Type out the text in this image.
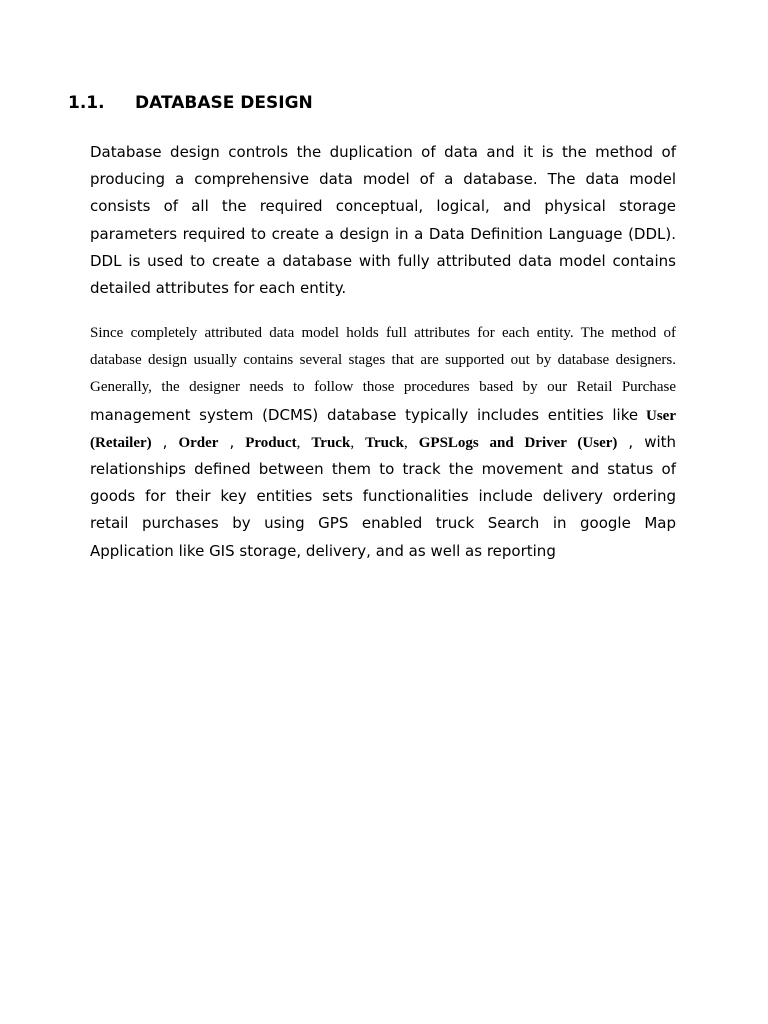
1.1. DATABASE DESIGN
Database design controls the duplication of data and it is the method of
producing a comprehensive data model of a database. The data model
consists of all the required conceptual, logical, and physical storage
parameters required to create a design in a Data Definition Language (DDL).
DDL is used to create a database with fully attributed data model contains
detailed attributes for each entity.
Since completely attributed data model holds full attributes for each entity. The method of
database design usually contains several stages that are supported out by database designers.
Generally, the designer needs to follow those procedures based by our Retail Purchase
management system (DCMS) database typically includes entities like User
(Retailer) , Order , Product, Truck, Truck, GPSLogs and Driver (User) , with
relationships defined between them to track the movement and status of
goods for their key entities sets functionalities include delivery ordering
retail purchases by using GPS enabled truck Search in google Map
Application like GIS storage, delivery, and as well as reporting
